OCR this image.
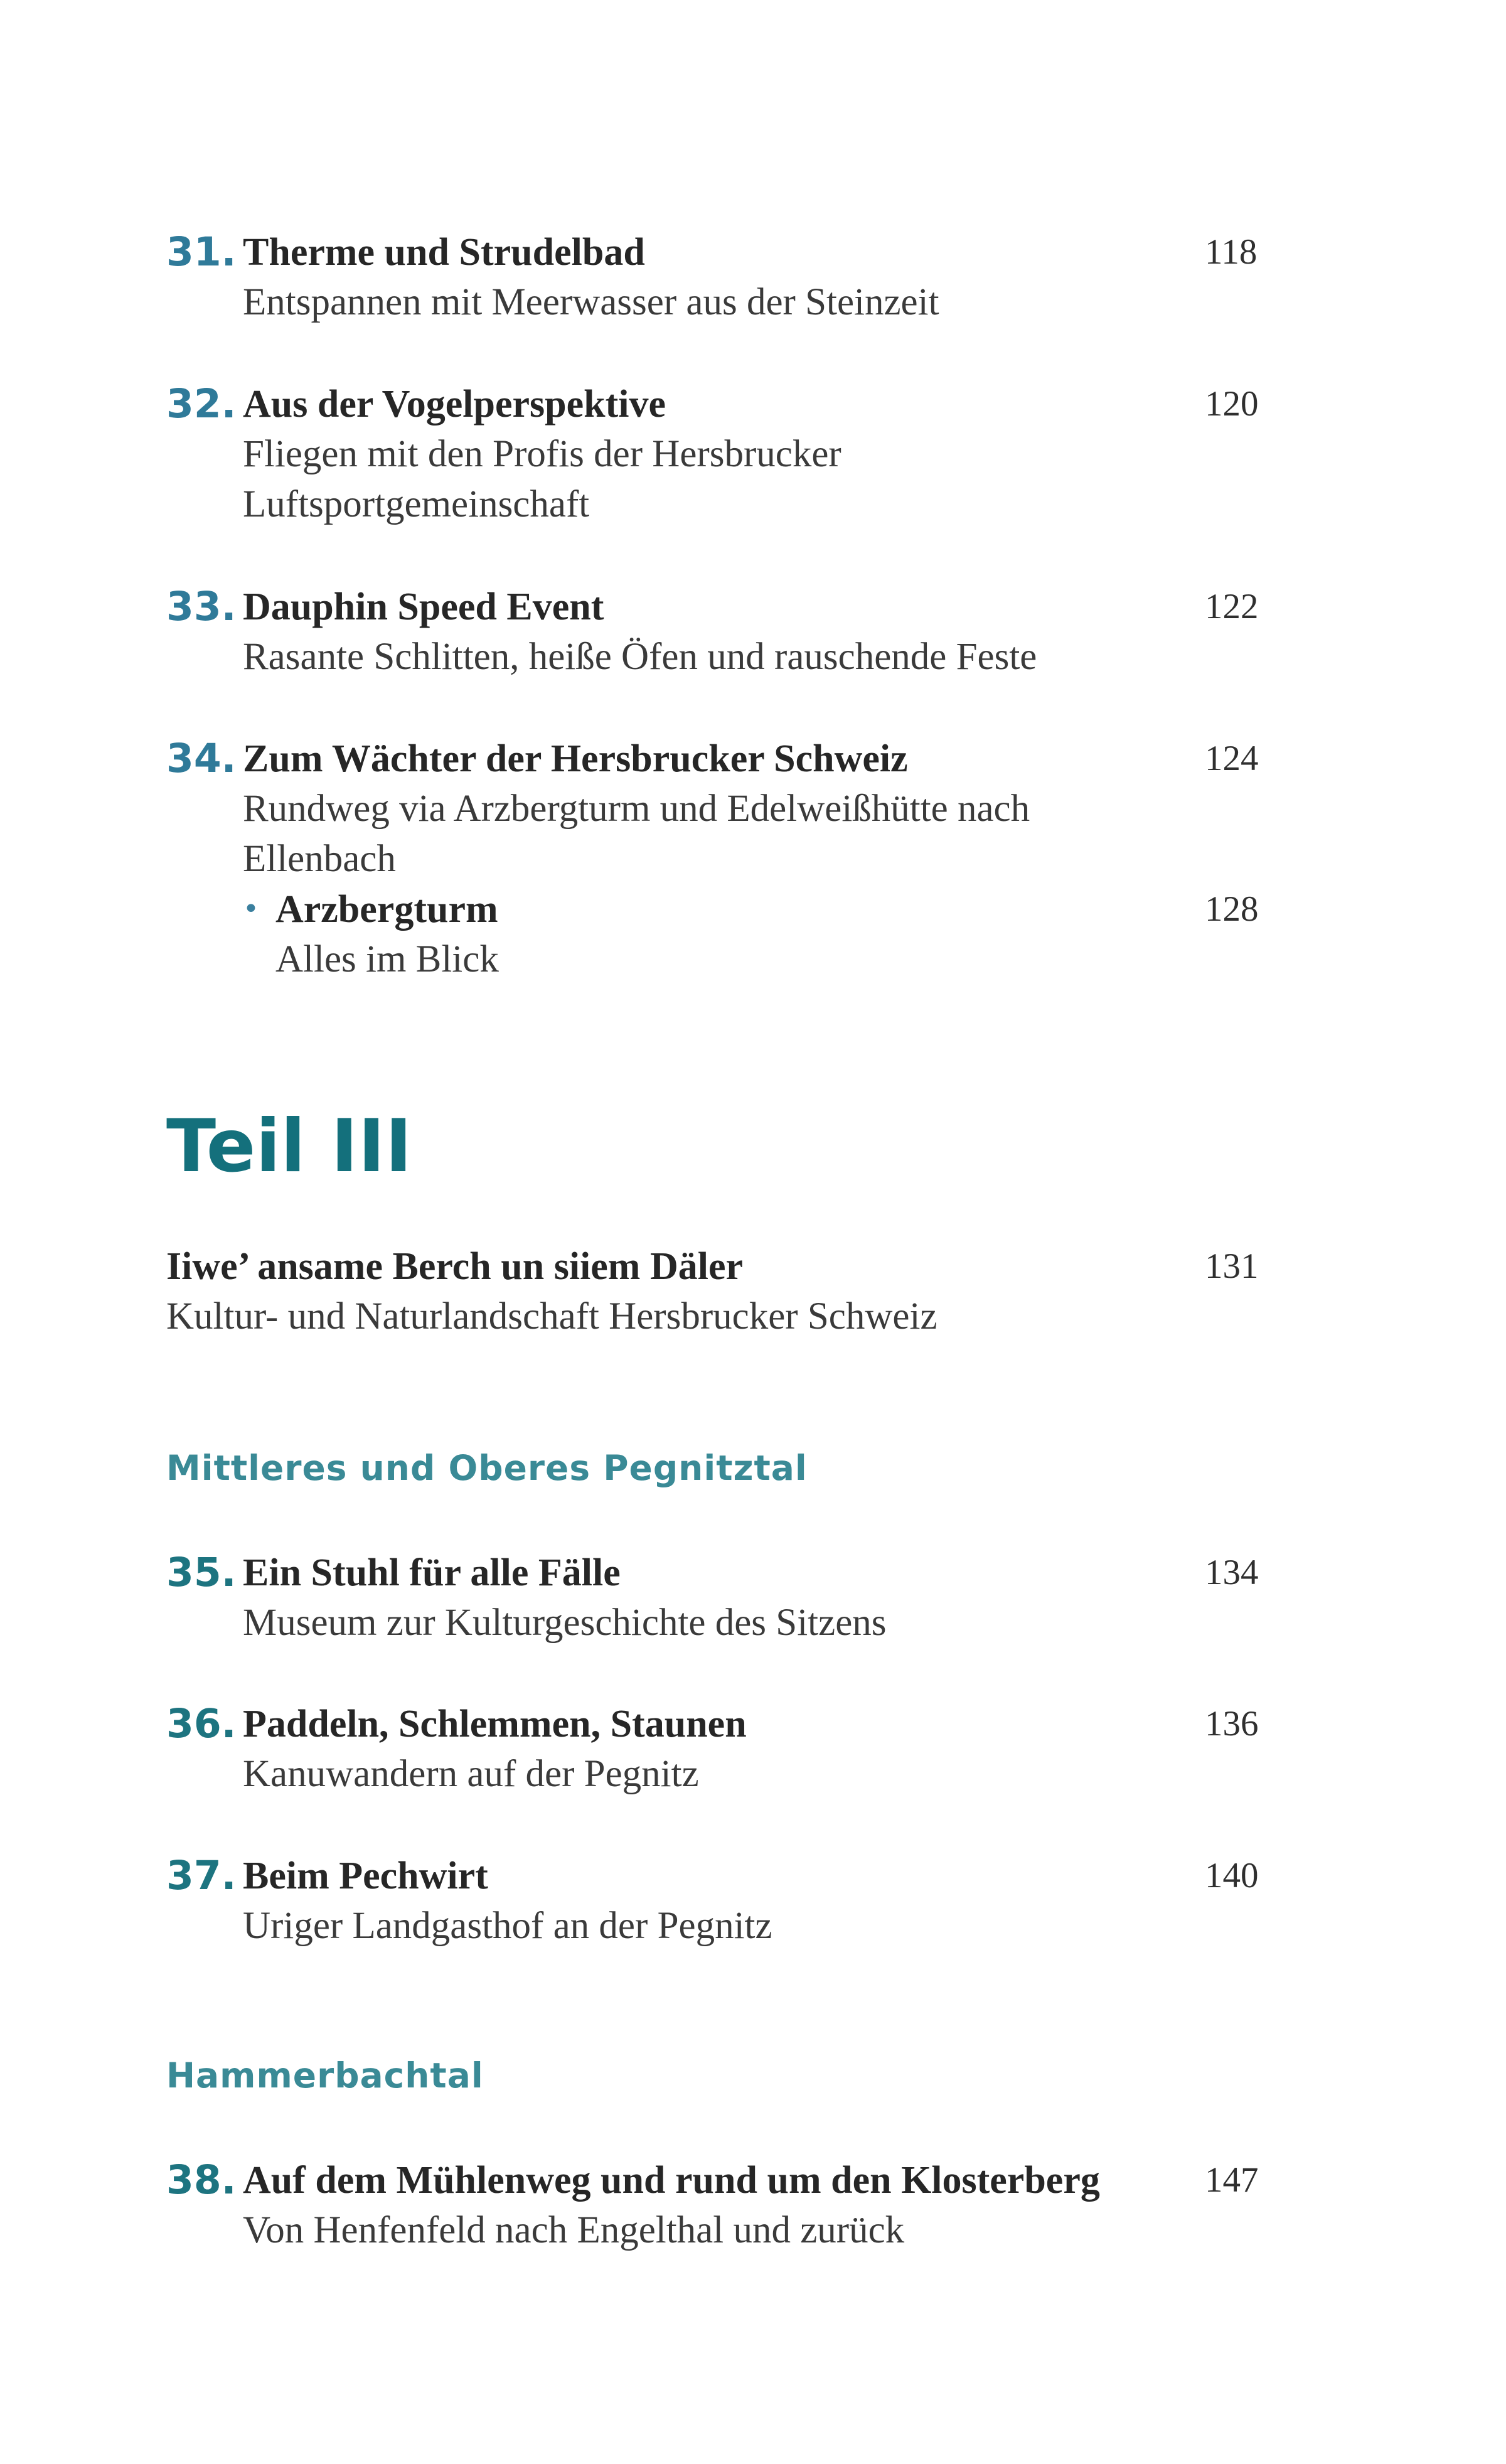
31. Therme und Strudelbad	118
Entspannen mit Meerwasser aus der Steinzeit
32. Aus der Vogelperspektive	120
Fliegen mit den Profis der Hersbrucker Luftsportgemeinschaft
33. Dauphin Speed Event	122
Rasante Schlitten, heiße Öfen und rauschende Feste
34. Zum Wächter der Hersbrucker Schweiz	124
Rundweg via Arzbergturm und Edelweißhütte nach Ellenbach
• Arzbergturm	128
Alles im Blick
Teil III
Iiwe’ ansame Berch un siiem Däler	131
Kultur- und Naturlandschaft Hersbrucker Schweiz
Mittleres und Oberes Pegnitztal
35. Ein Stuhl für alle Fälle	134
Museum zur Kulturgeschichte des Sitzens
36. Paddeln, Schlemmen, Staunen	136
Kanuwandern auf der Pegnitz
37. Beim Pechwirt	140
Uriger Landgasthof an der Pegnitz
Hammerbachtal
38. Auf dem Mühlenweg und rund um den Klosterberg	147
Von Henfenfeld nach Engelthal und zurück
